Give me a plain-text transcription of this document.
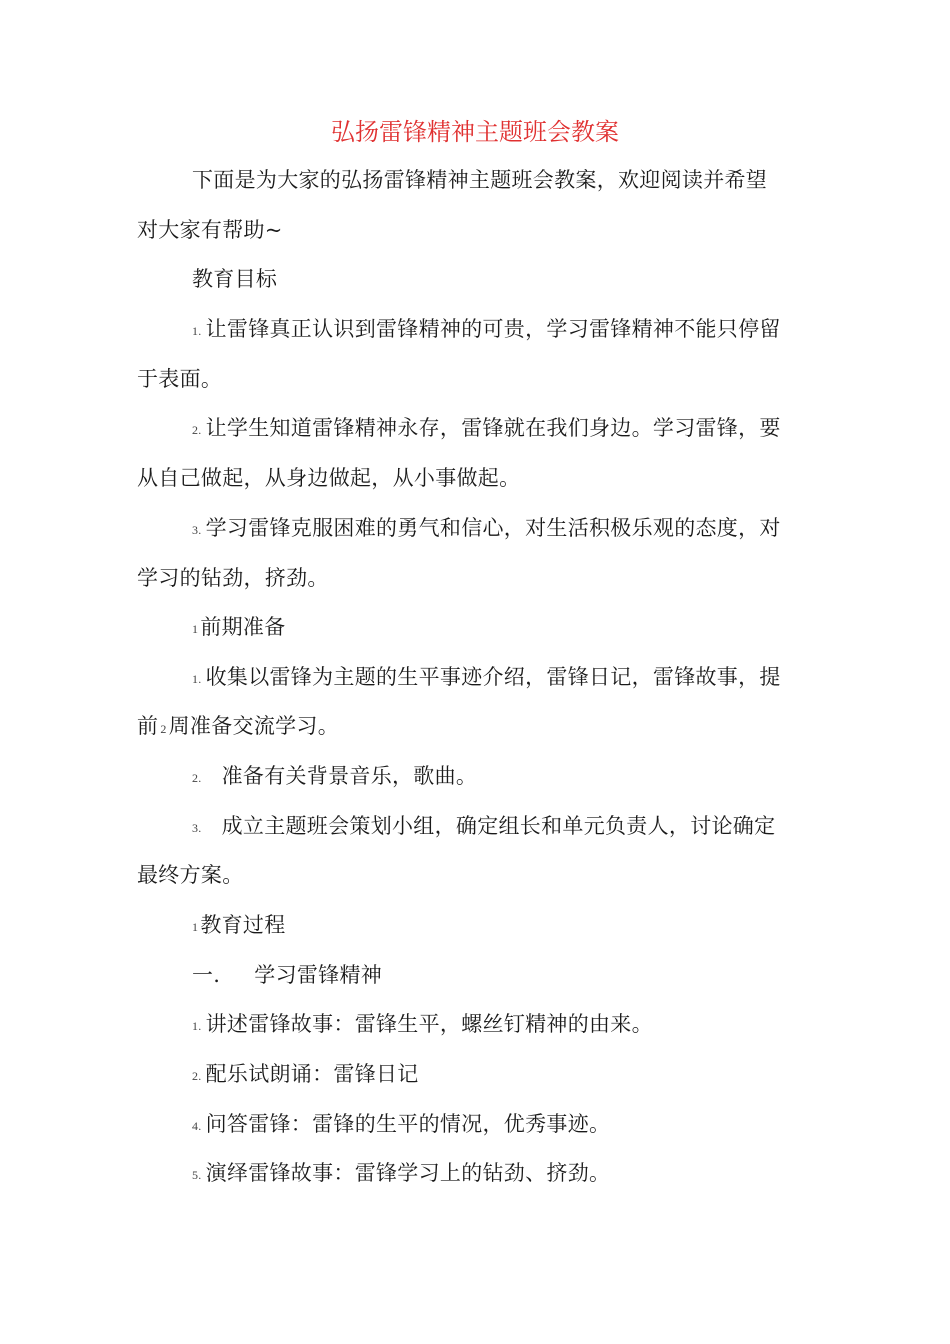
弘扬雷锋精神主题班会教案
下面是为大家的弘扬雷锋精神主题班会教案，欢迎阅读并希望
对大家有帮助~
教育目标
1. 让雷锋真正认识到雷锋精神的可贵，学习雷锋精神不能只停留
于表面。
2. 让学生知道雷锋精神永存，雷锋就在我们身边。学习雷锋，要
从自己做起，从身边做起，从小事做起。
3. 学习雷锋克服困难的勇气和信心，对生活积极乐观的态度，对
学习的钻劲，挤劲。
1前期准备
1. 收集以雷锋为主题的生平事迹介绍，雷锋日记，雷锋故事，提
前 2周准备交流学习。
2. 准备有关背景音乐，歌曲。
3. 成立主题班会策划小组，确定组长和单元负责人，讨论确定
最终方案。
1教育过程
一. 学习雷锋精神
1. 讲述雷锋故事：雷锋生平，螺丝钉精神的由来。
2. 配乐试朗诵：雷锋日记
4. 问答雷锋：雷锋的生平的情况，优秀事迹。
5. 演绎雷锋故事：雷锋学习上的钻劲、挤劲。
